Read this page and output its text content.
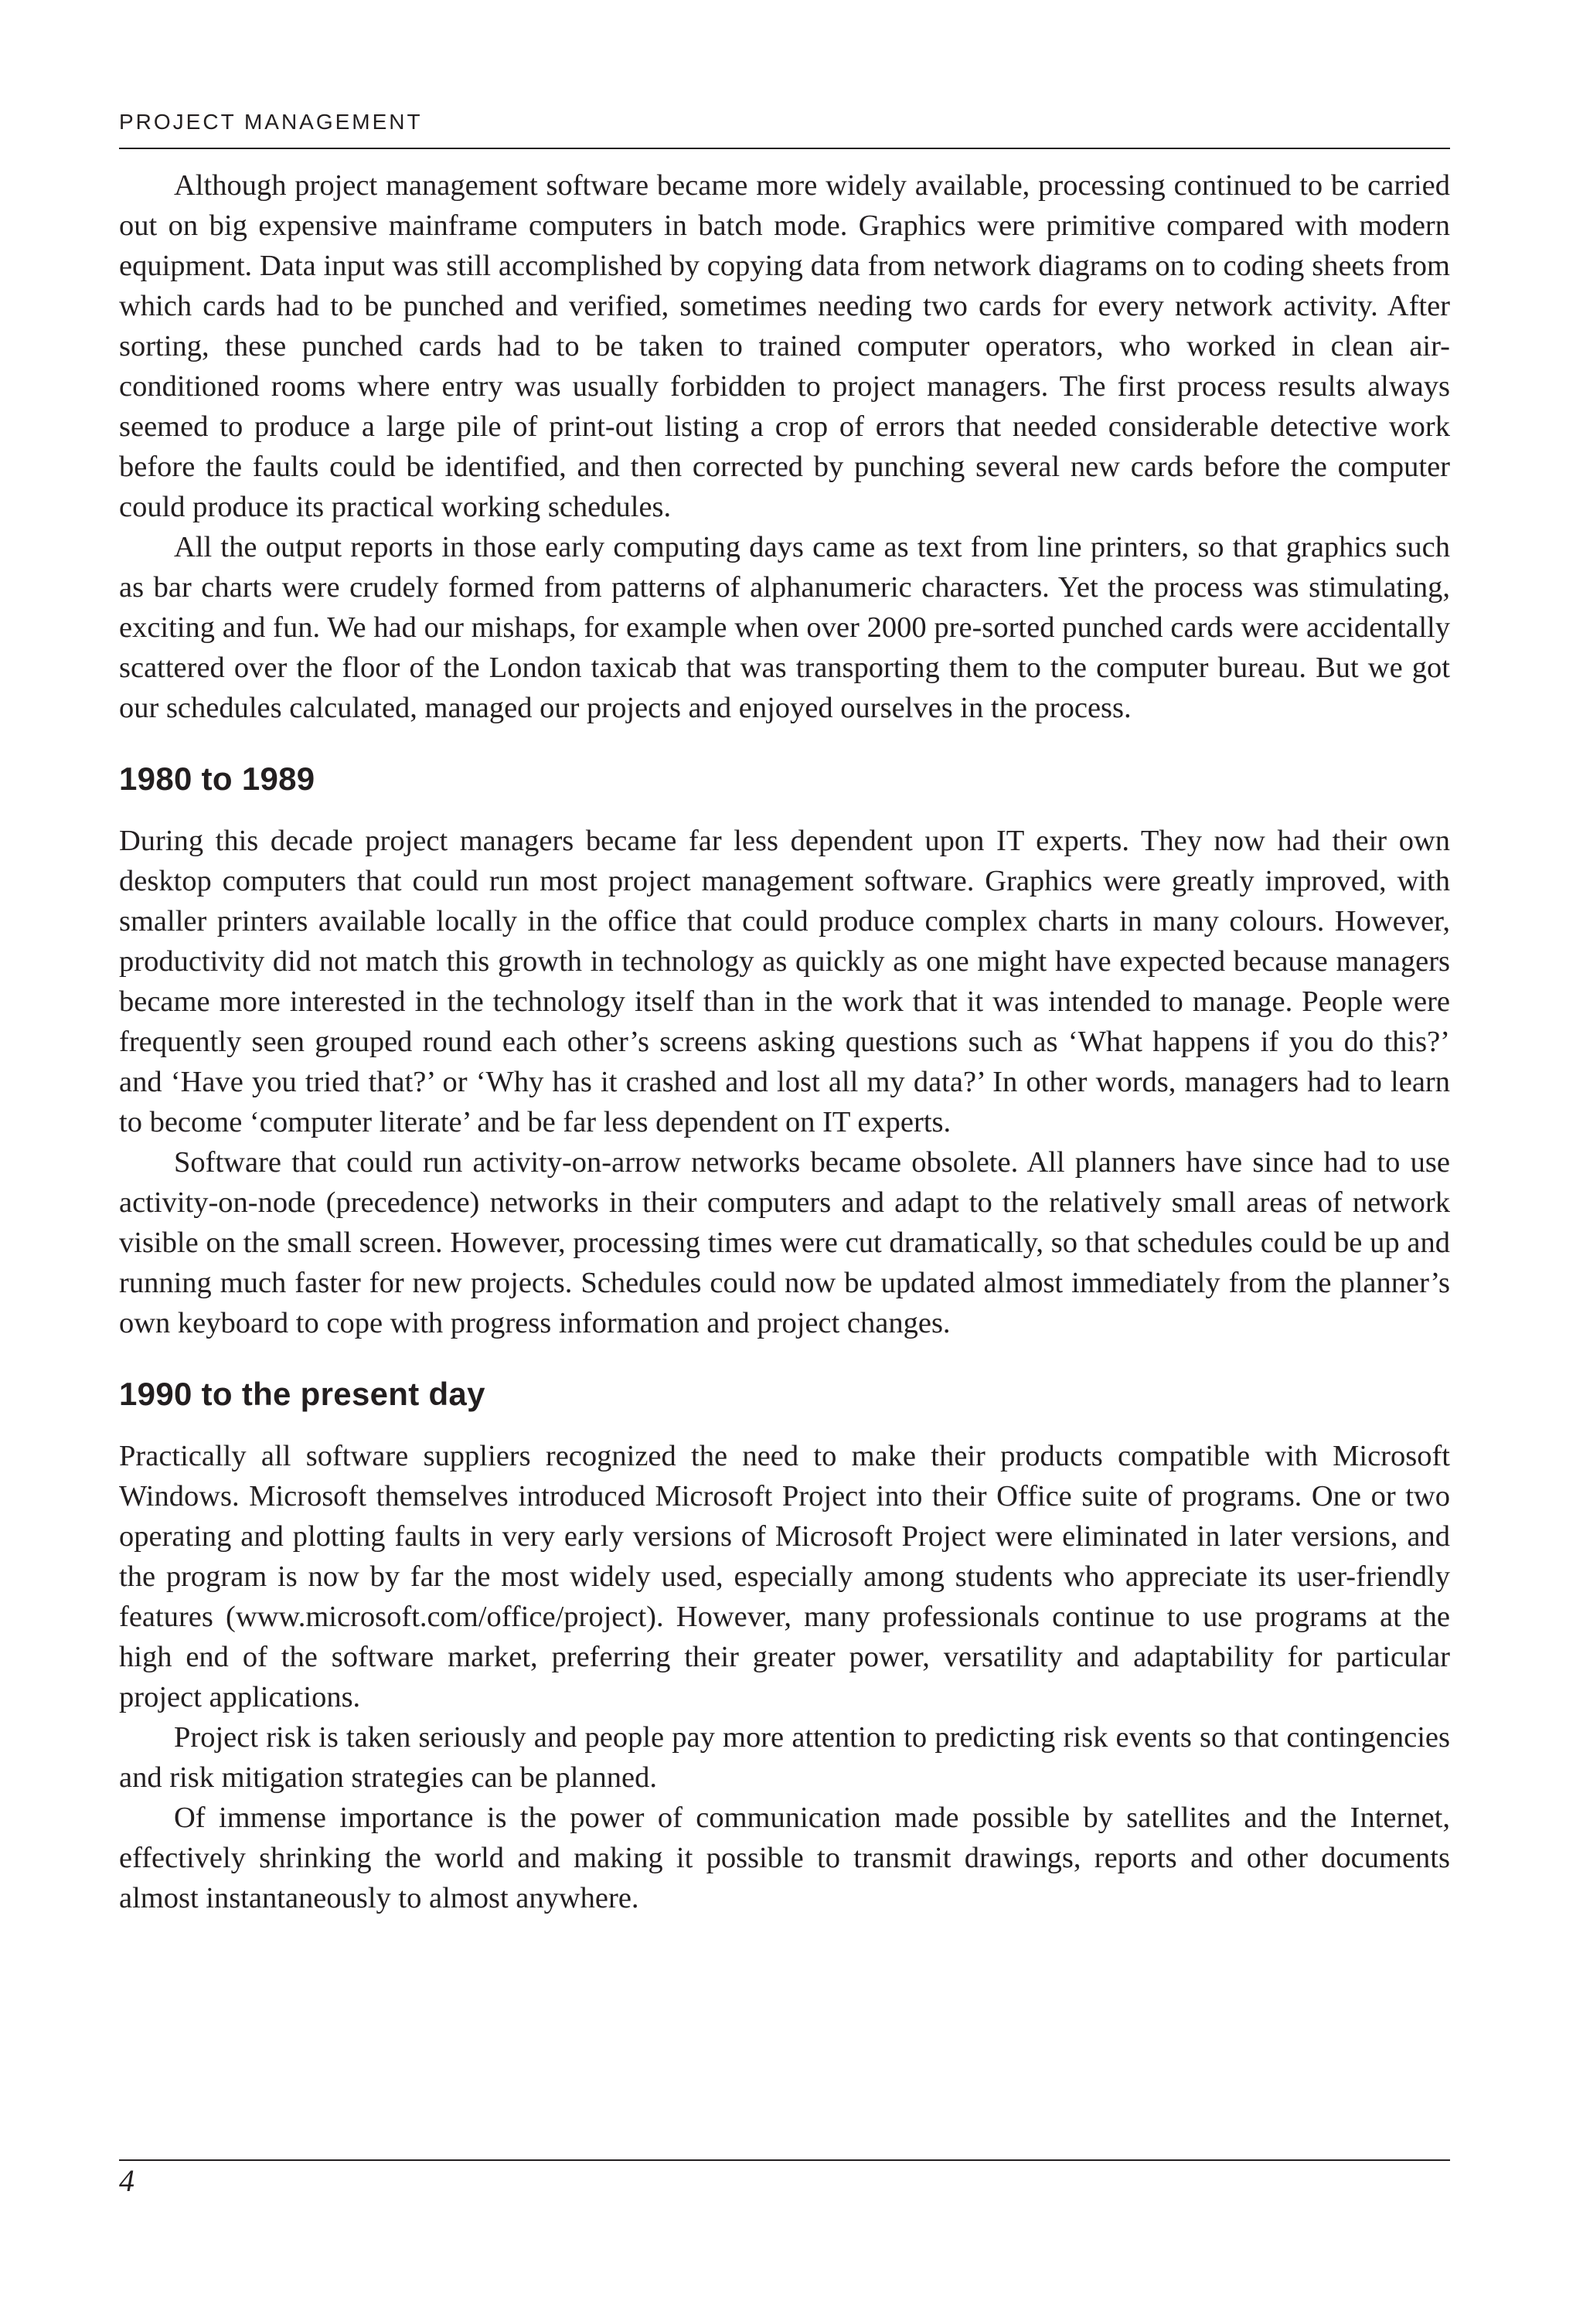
PROJECT MANAGEMENT

Although project management software became more widely available, processing continued to be carried out on big expensive mainframe computers in batch mode. Graphics were primitive compared with modern equipment. Data input was still accomplished by copying data from network diagrams on to coding sheets from which cards had to be punched and verified, sometimes needing two cards for every network activity. After sorting, these punched cards had to be taken to trained computer operators, who worked in clean air-conditioned rooms where entry was usually forbidden to project managers. The first process results always seemed to produce a large pile of print-out listing a crop of errors that needed considerable detective work before the faults could be identified, and then corrected by punching several new cards before the computer could produce its practical working schedules.

All the output reports in those early computing days came as text from line printers, so that graphics such as bar charts were crudely formed from patterns of alphanumeric characters. Yet the process was stimulating, exciting and fun. We had our mishaps, for example when over 2000 pre-sorted punched cards were accidentally scattered over the floor of the London taxicab that was transporting them to the computer bureau. But we got our schedules calculated, managed our projects and enjoyed ourselves in the process.

1980 to 1989

During this decade project managers became far less dependent upon IT experts. They now had their own desktop computers that could run most project management software. Graphics were greatly improved, with smaller printers available locally in the office that could produce complex charts in many colours. However, productivity did not match this growth in technology as quickly as one might have expected because managers became more interested in the technology itself than in the work that it was intended to manage. People were frequently seen grouped round each other’s screens asking questions such as ‘What happens if you do this?’ and ‘Have you tried that?’ or ‘Why has it crashed and lost all my data?’ In other words, managers had to learn to become ‘computer literate’ and be far less dependent on IT experts.

Software that could run activity-on-arrow networks became obsolete. All planners have since had to use activity-on-node (precedence) networks in their computers and adapt to the relatively small areas of network visible on the small screen. However, processing times were cut dramatically, so that schedules could be up and running much faster for new projects. Schedules could now be updated almost immediately from the planner’s own keyboard to cope with progress information and project changes.

1990 to the present day

Practically all software suppliers recognized the need to make their products compatible with Microsoft Windows. Microsoft themselves introduced Microsoft Project into their Office suite of programs. One or two operating and plotting faults in very early versions of Microsoft Project were eliminated in later versions, and the program is now by far the most widely used, especially among students who appreciate its user-friendly features (www.microsoft.com/office/project). However, many professionals continue to use programs at the high end of the software market, preferring their greater power, versatility and adaptability for particular project applications.

Project risk is taken seriously and people pay more attention to predicting risk events so that contingencies and risk mitigation strategies can be planned.

Of immense importance is the power of communication made possible by satellites and the Internet, effectively shrinking the world and making it possible to transmit drawings, reports and other documents almost instantaneously to almost anywhere.

4
